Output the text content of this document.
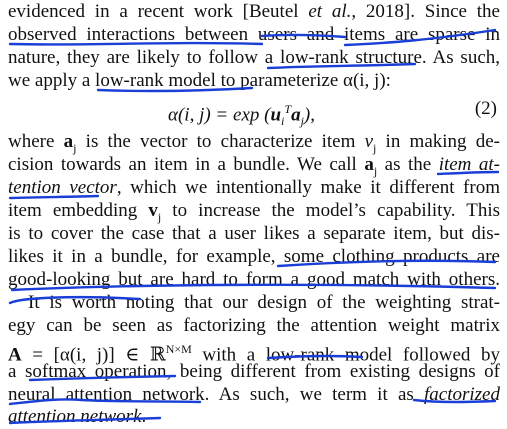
evidenced in a recent work [Beutel et al., 2018]. Since the
observed interactions between users and items are sparse in
nature, they are likely to follow a low-rank structure. As such,
we apply a low-rank model to parameterize α(i, j):
α(i, $j) = \exp (u_i^Ta_j)$,	(2)
where $a_j$ is the vector to characterize item $v_j$ in making de-
cision towards an item in a bundle. We call $a_j$ as the item at-
tention vector, which we intentionally make it different from
item embedding $v_j$ to increase the model’s capability. This
is to cover the case that a user likes a separate item, but dis-
likes it in a bundle, for example, some clothing products are
good-looking but are hard to form a good match with others.
It is worth noting that our design of the weighting strat-
egy can be seen as factorizing the attention weight matrix
A = [α(i, j)] ∈ ℝ$^{N\times M}$ with a low-rank model followed by
a softmax operation, being different from existing designs of
neural attention network. As such, we term it as factorized
attention network.
